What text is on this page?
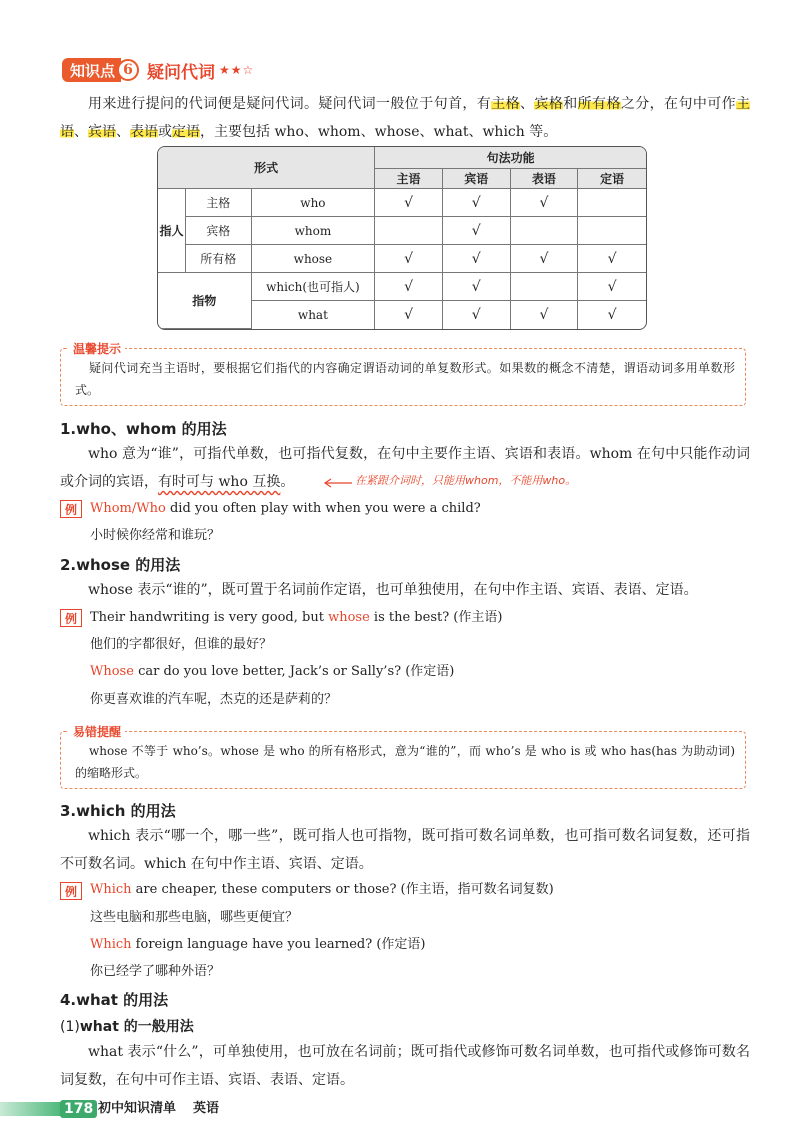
知识点 6 疑问代词 ★★☆
用来进行提问的代词便是疑问代词。疑问代词一般位于句首，有主格、宾格和所有格之分，在句中可作主语、宾语、表语或定语，主要包括 who、whom、whose、what、which 等。
形式			句法功能			
			主语	宾语	表语	定语
指人	主格	who	√	√	√	
	宾格	whom		√		
	所有格	whose	√	√	√	√
指物		which(也可指人)	√	√		√
		what	√	√	√	√
温馨提示
疑问代词充当主语时，要根据它们指代的内容确定谓语动词的单复数形式。如果数的概念不清楚，谓语动词多用单数形式。
1.who、whom 的用法
who 意为“谁”，可指代单数，也可指代复数，在句中主要作主语、宾语和表语。whom 在句中只能作动词或介词的宾语，有时可与 who 互换。	在紧跟介词时，只能用whom，不能用who。
例	Whom/Who did you often play with when you were a child?
小时候你经常和谁玩？
2.whose 的用法
whose 表示“谁的”，既可置于名词前作定语，也可单独使用，在句中作主语、宾语、表语、定语。
例	Their handwriting is very good, but whose is the best? (作主语)
他们的字都很好，但谁的最好？
Whose car do you love better, Jack’s or Sally’s? (作定语)
你更喜欢谁的汽车呢，杰克的还是萨莉的？
易错提醒
whose 不等于 who’s。whose 是 who 的所有格形式，意为“谁的”，而 who’s 是 who is 或 who has(has 为助动词)的缩略形式。
3.which 的用法
which 表示“哪一个，哪一些”，既可指人也可指物，既可指可数名词单数，也可指可数名词复数，还可指不可数名词。which 在句中作主语、宾语、定语。
例	Which are cheaper, these computers or those? (作主语，指可数名词复数)
这些电脑和那些电脑，哪些更便宜？
Which foreign language have you learned? (作定语)
你已经学了哪种外语？
4.what 的用法
(1)what 的一般用法
what 表示“什么”，可单独使用，也可放在名词前；既可指代或修饰可数名词单数，也可指代或修饰可数名词复数，在句中可作主语、宾语、表语、定语。
178 初中知识清单 英语
